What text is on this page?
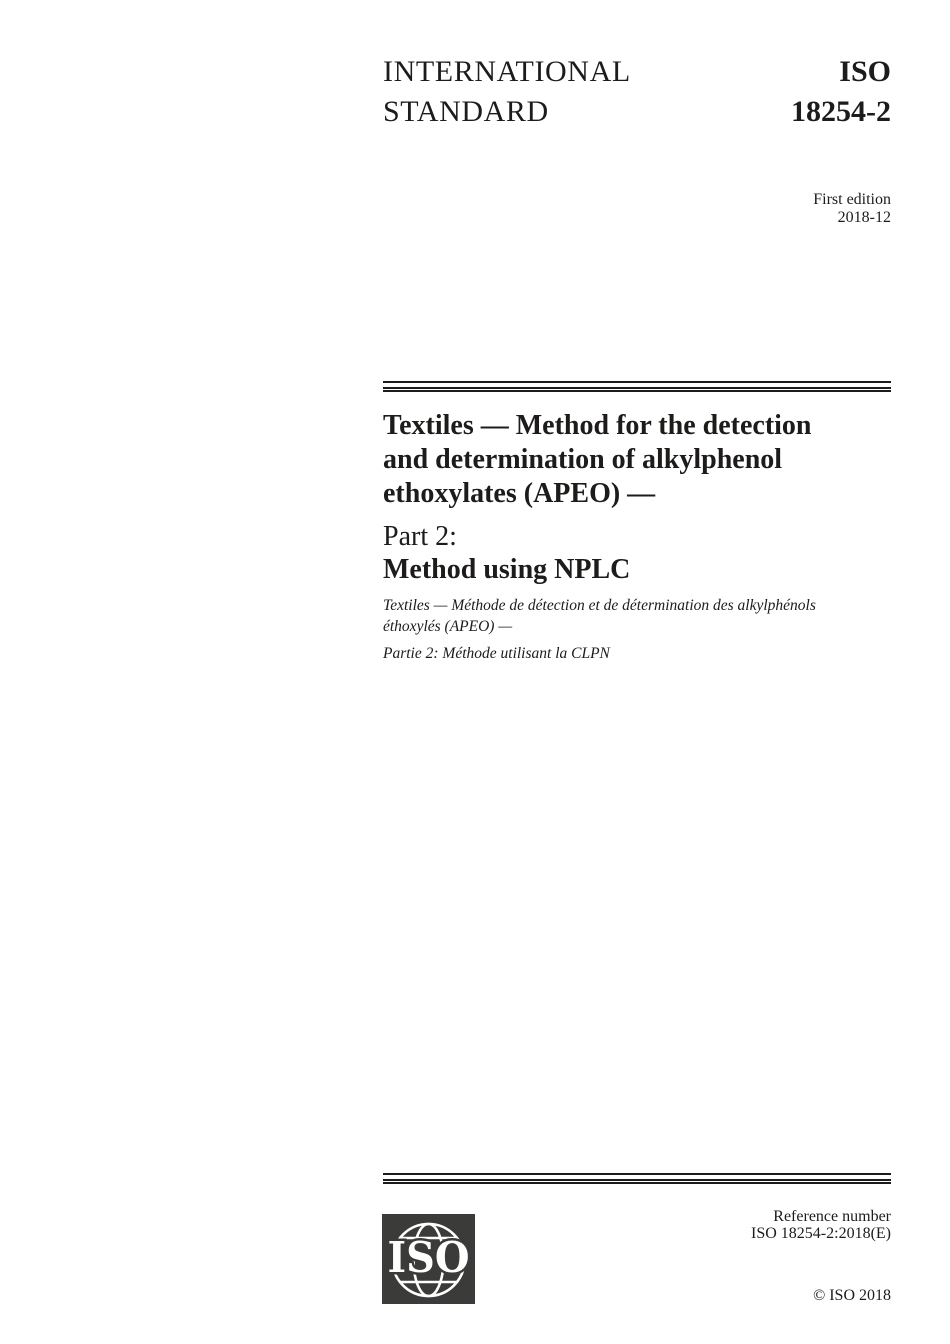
INTERNATIONAL
STANDARD
ISO
18254-2
First edition
2018-12
Textiles — Method for the detection
and determination of alkylphenol
ethoxylates (APEO) —
Part 2:
Method using NPLC
Textiles — Méthode de détection et de détermination des alkylphénols
éthoxylés (APEO) —
Partie 2: Méthode utilisant la CLPN
ISO
Reference number
ISO 18254-2:2018(E)
© ISO 2018
